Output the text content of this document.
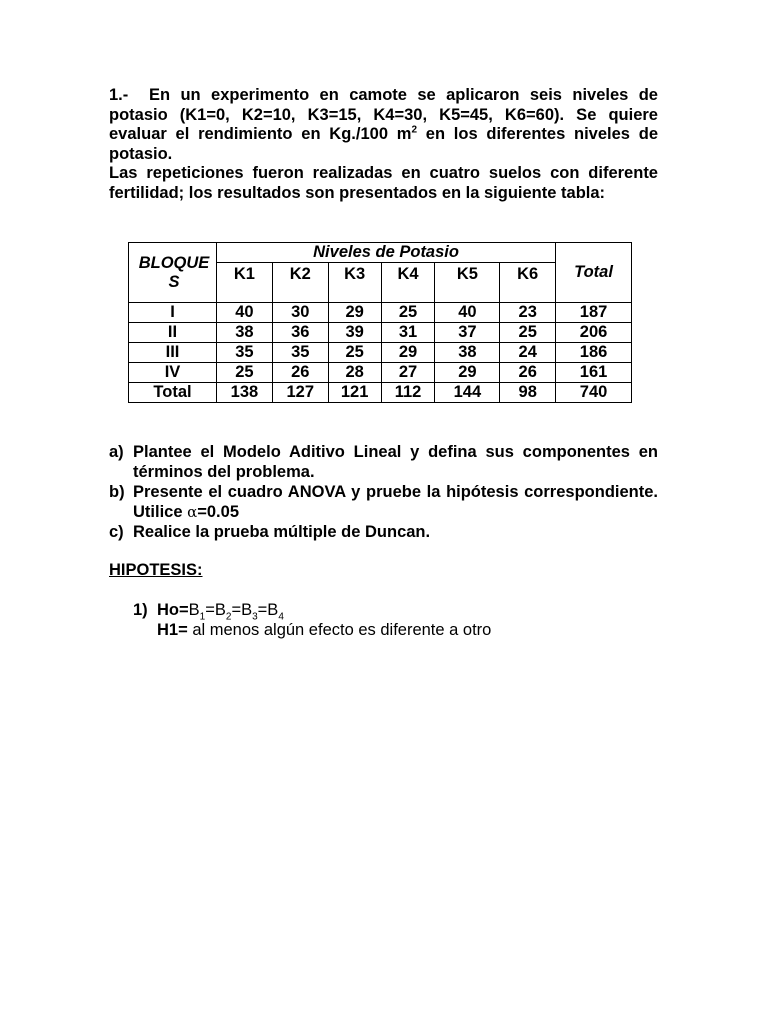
1.- En un experimento en camote se aplicaron seis niveles de potasio (K1=0, K2=10, K3=15, K4=30, K5=45, K6=60). Se quiere evaluar el rendimiento en Kg./100 $m^2$ en los diferentes niveles de potasio.

Las repeticiones fueron realizadas en cuatro suelos con diferente fertilidad; los resultados son presentados en la siguiente tabla:

BLOQUES	Niveles de Potasio						Total
	K1	K2	K3	K4	K5	K6	
I	40	30	29	25	40	23	187
II	38	36	39	31	37	25	206
III	35	35	25	29	38	24	186
IV	25	26	28	27	29	26	161
Total	138	127	121	112	144	98	740
a) Plantee el Modelo Aditivo Lineal y defina sus componentes en términos del problema.
b) Presente el cuadro ANOVA y pruebe la hipótesis correspondiente. Utilice α=0.05
c) Realice la prueba múltiple de Duncan.
HIPOTESIS:
1) $Ho=B_1=B_2=B_3=B_4$
H1= al menos algún efecto es diferente a otro
